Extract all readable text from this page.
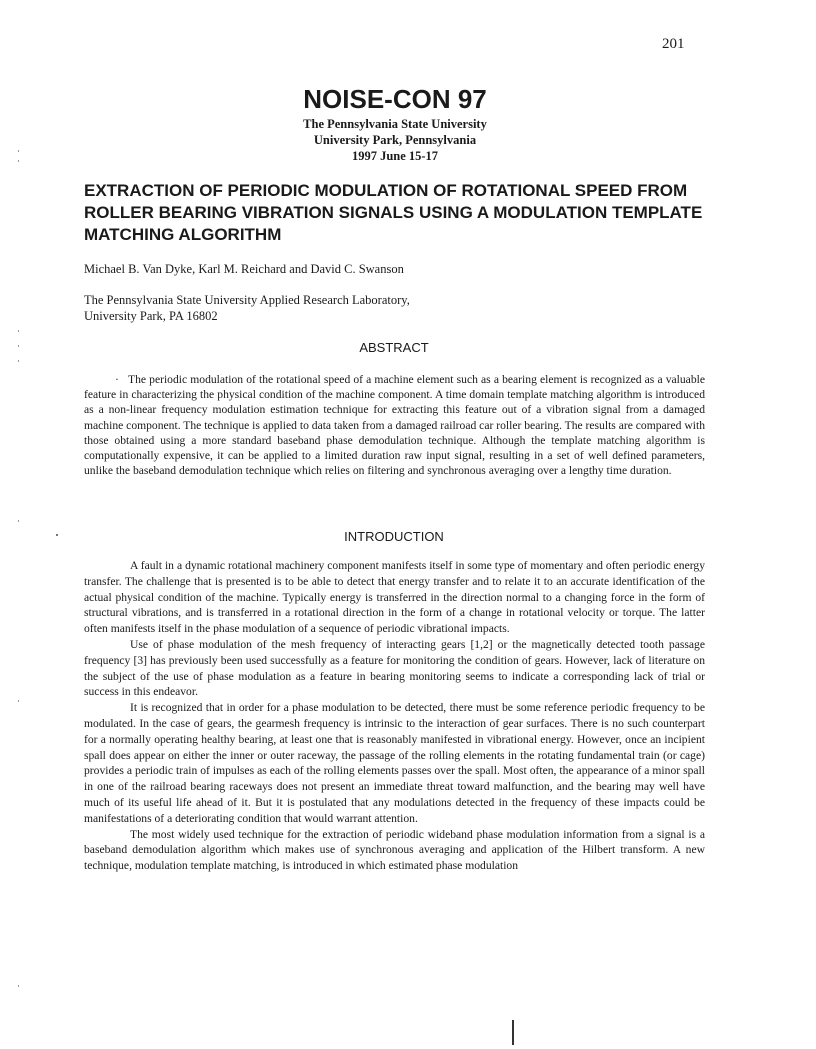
201
NOISE-CON 97
The Pennsylvania State University
University Park, Pennsylvania
1997 June 15-17
EXTRACTION OF PERIODIC MODULATION OF ROTATIONAL SPEED FROM ROLLER BEARING VIBRATION SIGNALS USING A MODULATION TEMPLATE MATCHING ALGORITHM
Michael B. Van Dyke, Karl M. Reichard and David C. Swanson
The Pennsylvania State University Applied Research Laboratory,
University Park, PA 16802
ABSTRACT

· The periodic modulation of the rotational speed of a machine element such as a bearing element is recognized as a valuable feature in characterizing the physical condition of the machine component. A time domain template matching algorithm is introduced as a non-linear frequency modulation estimation technique for extracting this feature out of a vibration signal from a damaged machine component. The technique is applied to data taken from a damaged railroad car roller bearing. The results are compared with those obtained using a more standard baseband phase demodulation technique. Although the template matching algorithm is computationally expensive, it can be applied to a limited duration raw input signal, resulting in a set of well defined parameters, unlike the baseband demodulation technique which relies on filtering and synchronous averaging over a lengthy time duration.

INTRODUCTION

A fault in a dynamic rotational machinery component manifests itself in some type of momentary and often periodic energy transfer. The challenge that is presented is to be able to detect that energy transfer and to relate it to an accurate identification of the actual physical condition of the machine. Typically energy is transferred in the direction normal to a changing force in the form of structural vibrations, and is transferred in a rotational direction in the form of a change in rotational velocity or torque. The latter often manifests itself in the phase modulation of a sequence of periodic vibrational impacts.

Use of phase modulation of the mesh frequency of interacting gears [1,2] or the magnetically detected tooth passage frequency [3] has previously been used successfully as a feature for monitoring the condition of gears. However, lack of literature on the subject of the use of phase modulation as a feature in bearing monitoring seems to indicate a corresponding lack of trial or success in this endeavor.

It is recognized that in order for a phase modulation to be detected, there must be some reference periodic frequency to be modulated. In the case of gears, the gearmesh frequency is intrinsic to the interaction of gear surfaces. There is no such counterpart for a normally operating healthy bearing, at least one that is reasonably manifested in vibrational energy. However, once an incipient spall does appear on either the inner or outer raceway, the passage of the rolling elements in the rotating fundamental train (or cage) provides a periodic train of impulses as each of the rolling elements passes over the spall. Most often, the appearance of a minor spall in one of the railroad bearing raceways does not present an immediate threat toward malfunction, and the bearing may well have much of its useful life ahead of it. But it is postulated that any modulations detected in the frequency of these impacts could be manifestations of a deteriorating condition that would warrant attention.

The most widely used technique for the extraction of periodic wideband phase modulation information from a signal is a baseband demodulation algorithm which makes use of synchronous averaging and application of the Hilbert transform. A new technique, modulation template matching, is introduced in which estimated phase modulation
